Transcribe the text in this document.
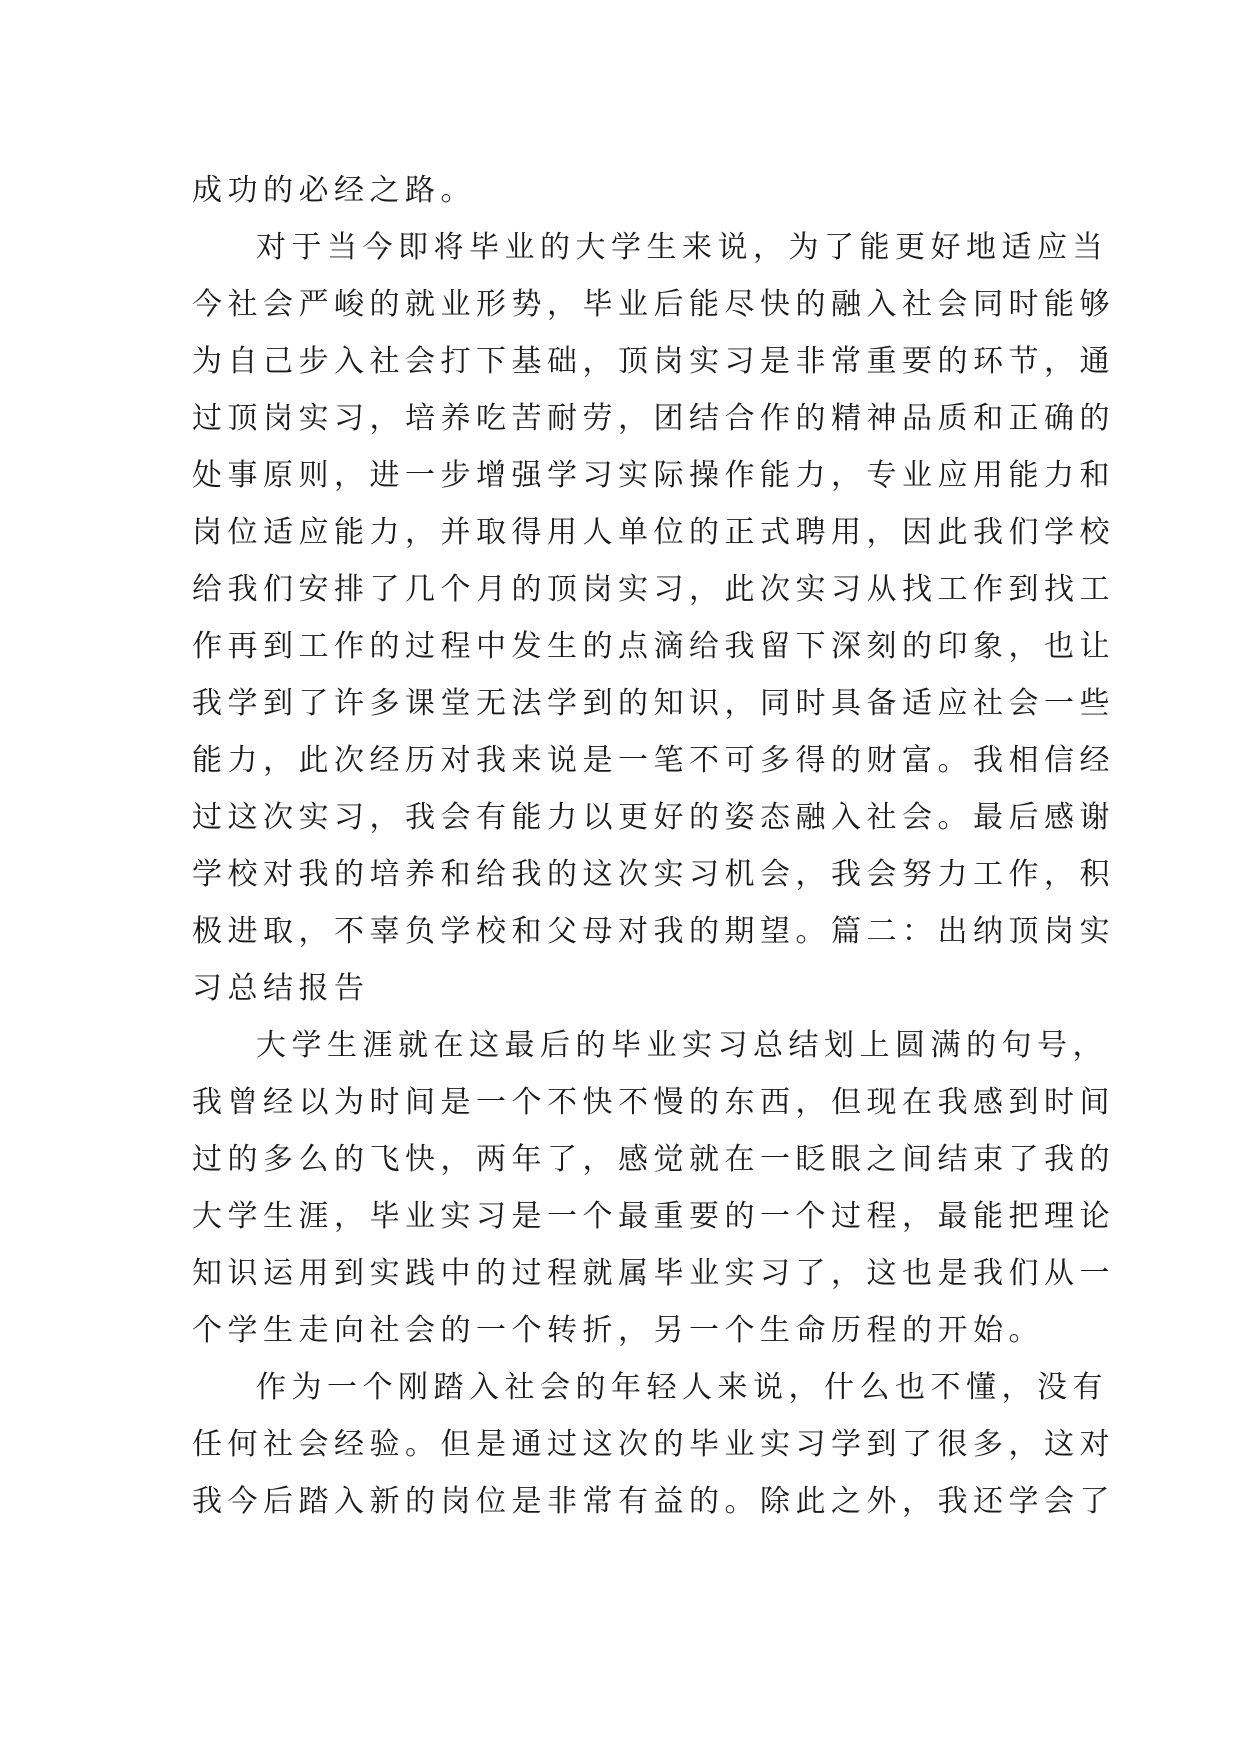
成功的必经之路。
对于当今即将毕业的大学生来说，为了能更好地适应当
今社会严峻的就业形势，毕业后能尽快的融入社会同时能够
为自己步入社会打下基础，顶岗实习是非常重要的环节，通
过顶岗实习，培养吃苦耐劳，团结合作的精神品质和正确的
处事原则，进一步增强学习实际操作能力，专业应用能力和
岗位适应能力，并取得用人单位的正式聘用，因此我们学校
给我们安排了几个月的顶岗实习，此次实习从找工作到找工
作再到工作的过程中发生的点滴给我留下深刻的印象，也让
我学到了许多课堂无法学到的知识，同时具备适应社会一些
能力，此次经历对我来说是一笔不可多得的财富。我相信经
过这次实习，我会有能力以更好的姿态融入社会。最后感谢
学校对我的培养和给我的这次实习机会，我会努力工作，积
极进取，不辜负学校和父母对我的期望。篇二：出纳顶岗实
习总结报告
大学生涯就在这最后的毕业实习总结划上圆满的句号，
我曾经以为时间是一个不快不慢的东西，但现在我感到时间
过的多么的飞快，两年了，感觉就在一眨眼之间结束了我的
大学生涯，毕业实习是一个最重要的一个过程，最能把理论
知识运用到实践中的过程就属毕业实习了，这也是我们从一
个学生走向社会的一个转折，另一个生命历程的开始。
作为一个刚踏入社会的年轻人来说，什么也不懂，没有
任何社会经验。但是通过这次的毕业实习学到了很多，这对
我今后踏入新的岗位是非常有益的。除此之外，我还学会了
